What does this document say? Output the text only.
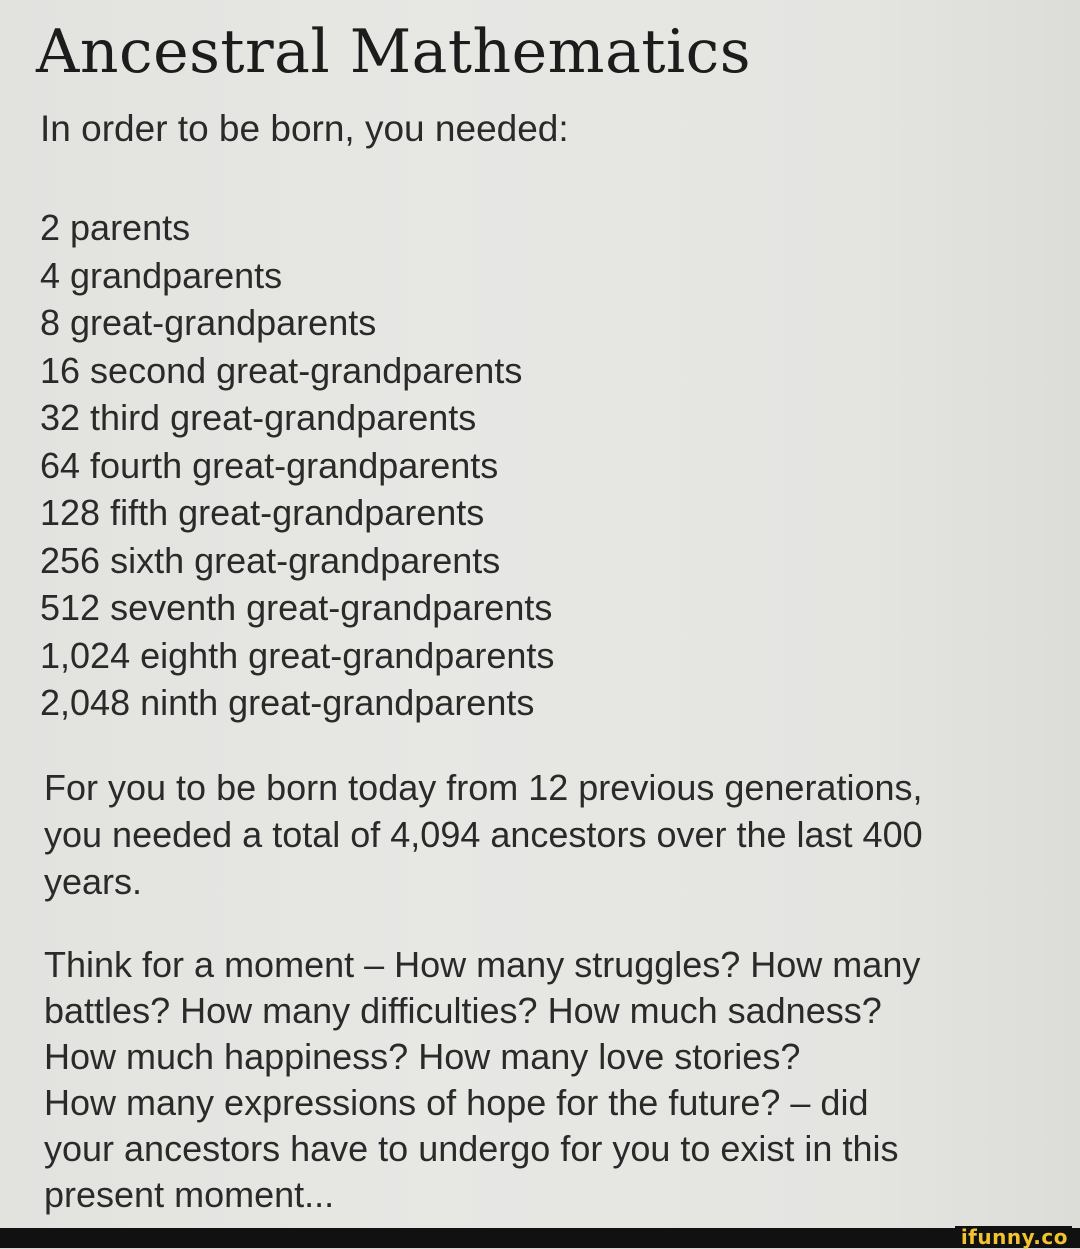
Ancestral Mathematics
In order to be born, you needed:
2 parents
4 grandparents
8 great-grandparents
16 second great-grandparents
32 third great-grandparents
64 fourth great-grandparents
128 fifth great-grandparents
256 sixth great-grandparents
512 seventh great-grandparents
1,024 eighth great-grandparents
2,048 ninth great-grandparents

For you to be born today from 12 previous generations,
you needed a total of 4,094 ancestors over the last 400
years.

Think for a moment – How many struggles? How many
battles? How many difficulties? How much sadness?
How much happiness? How many love stories?
How many expressions of hope for the future? – did
your ancestors have to undergo for you to exist in this
present moment...

ifunny.co
